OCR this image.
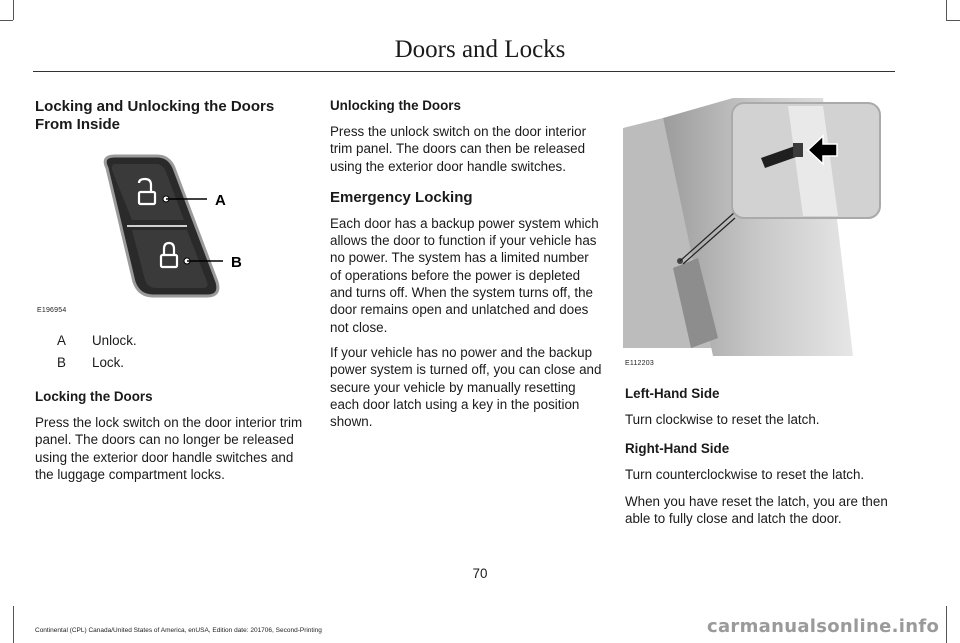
Doors and Locks
Locking and Unlocking the Doors From Inside
A
B
E196954
A Unlock.
B Lock.
Locking the Doors

Press the lock switch on the door interior trim panel. The doors can no longer be released using the exterior door handle switches and the luggage compartment locks.

Unlocking the Doors

Press the unlock switch on the door interior trim panel. The doors can then be released using the exterior door handle switches.

Emergency Locking

Each door has a backup power system which allows the door to function if your vehicle has no power. The system has a limited number of operations before the power is depleted and turns off. When the system turns off, the door remains open and unlatched and does not close.

If your vehicle has no power and the backup power system is turned off, you can close and secure your vehicle by manually resetting each door latch using a key in the position shown.

E112203
Left-Hand Side

Turn clockwise to reset the latch.

Right-Hand Side

Turn counterclockwise to reset the latch.

When you have reset the latch, you are then able to fully close and latch the door.

70
Continental (CPL) Canada/United States of America, enUSA, Edition date: 201706, Second-Printing	carmanualsonline.info
